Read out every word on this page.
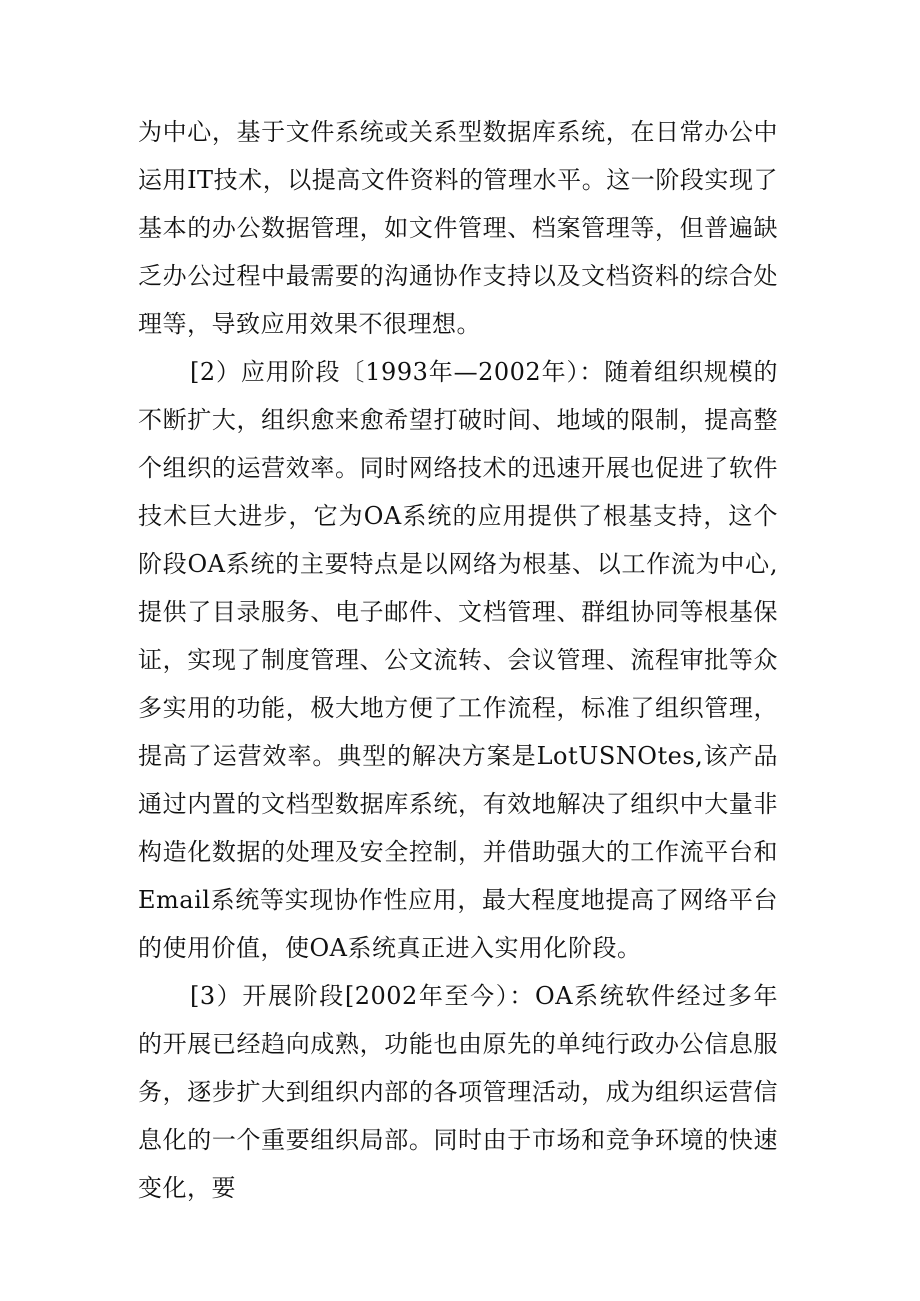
为中心，基于文件系统或关系型数据库系统，在日常办公中运用IT技术，以提高文件资料的管理水平。这一阶段实现了基本的办公数据管理，如文件管理、档案管理等，但普遍缺乏办公过程中最需要的沟通协作支持以及文档资料的综合处理等，导致应用效果不很理想。

[2）应用阶段〔1993年—2002年）：随着组织规模的不断扩大，组织愈来愈希望打破时间、地域的限制，提高整个组织的运营效率。同时网络技术的迅速开展也促进了软件技术巨大进步，它为OA系统的应用提供了根基支持，这个阶段OA系统的主要特点是以网络为根基、以工作流为中心,提供了目录服务、电子邮件、文档管理、群组协同等根基保证，实现了制度管理、公文流转、会议管理、流程审批等众多实用的功能，极大地方便了工作流程，标准了组织管理，提高了运营效率。典型的解决方案是LotUSNOtes,该产品通过内置的文档型数据库系统，有效地解决了组织中大量非构造化数据的处理及安全控制，并借助强大的工作流平台和Email系统等实现协作性应用，最大程度地提高了网络平台的使用价值，使OA系统真正进入实用化阶段。

[3）开展阶段[2002年至今）：OA系统软件经过多年的开展已经趋向成熟，功能也由原先的单纯行政办公信息服务，逐步扩大到组织内部的各项管理活动，成为组织运营信息化的一个重要组织局部。同时由于市场和竞争环境的快速变化，要
